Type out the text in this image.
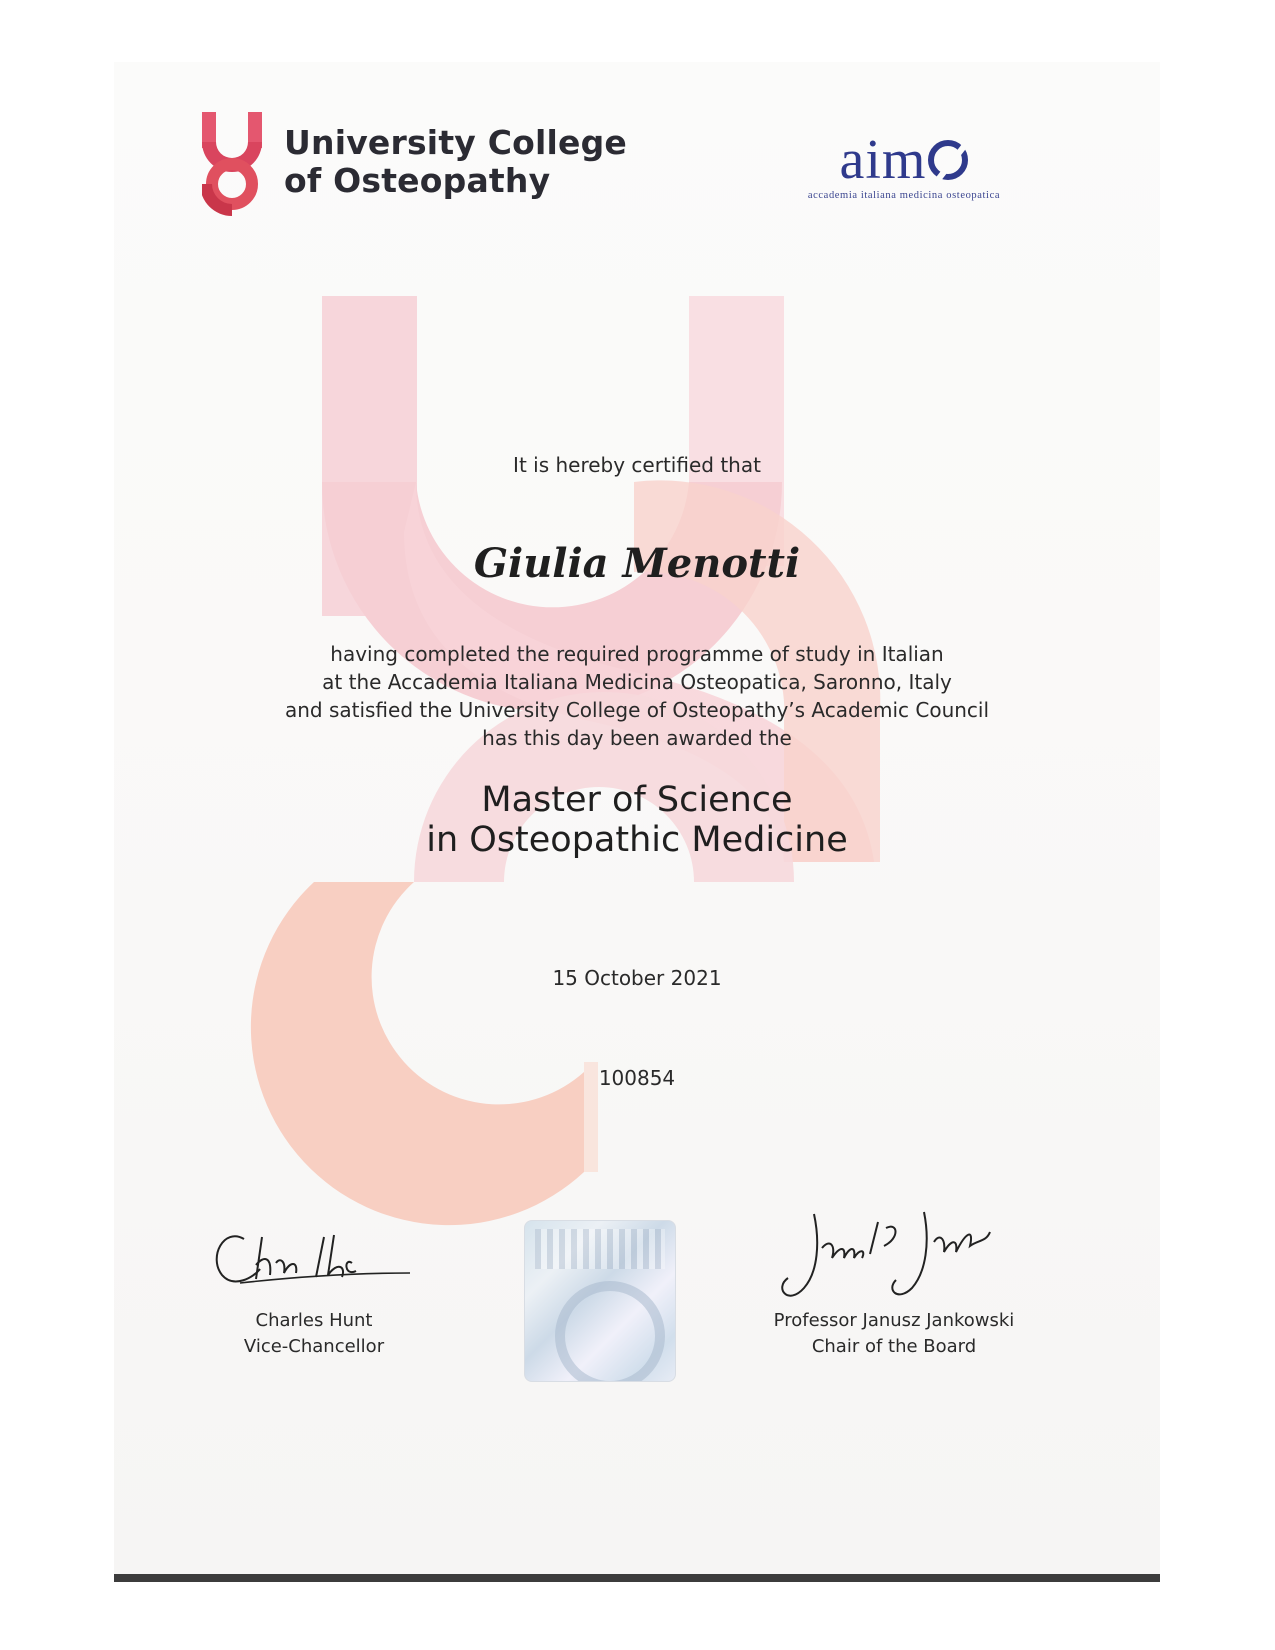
University College
of Osteopathy	aim
accademia italiana medicina osteopatica
It is hereby certified that
Giulia Menotti
having completed the required programme of study in Italian
at the Accademia Italiana Medicina Osteopatica, Saronno, Italy
and satisfied the University College of Osteopathy’s Academic Council
has this day been awarded the
Master of Science
in Osteopathic Medicine
15 October 2021
100854
Charles Hunt
Vice-Chancellor
Professor Janusz Jankowski
Chair of the Board
